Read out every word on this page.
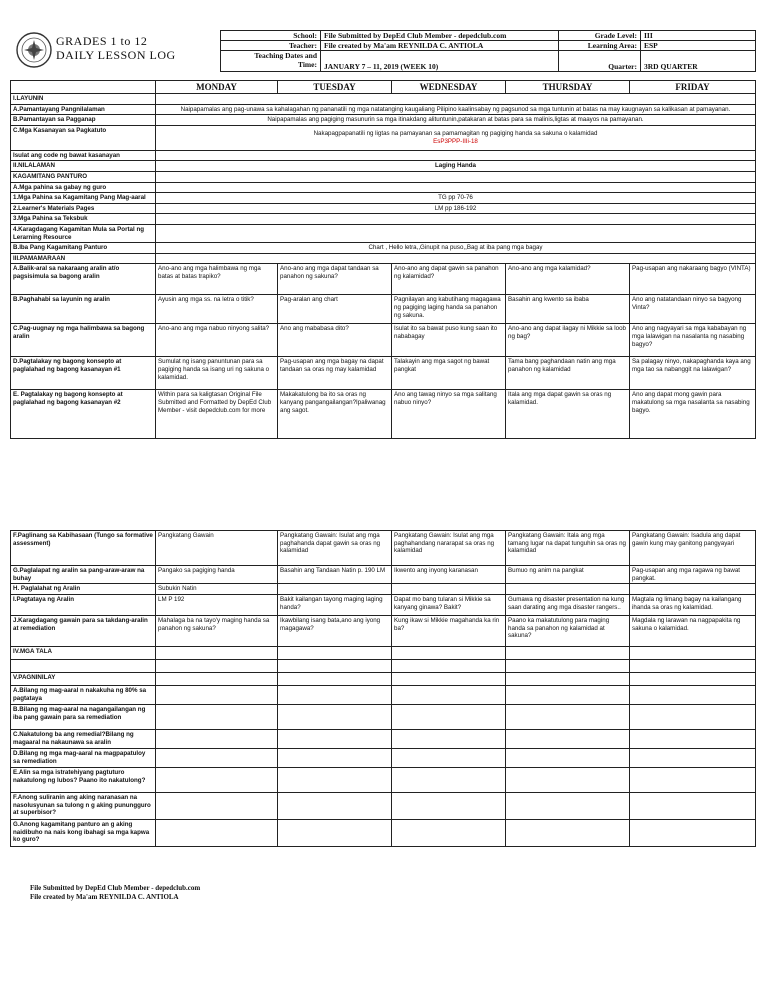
GRADES 1 to 12
DAILY LESSON LOG
School:	File Submitted by DepEd Club Member - depedclub.com	Grade Level:	III
Teacher:	File created by Ma'am REYNILDA C. ANTIOLA	Learning Area:	ESP

Teaching Dates and
Time:	JANUARY 7 – 11, 2019 (WEEK 10)	Quarter:	3RD QUARTER
	MONDAY	TUESDAY	WEDNESDAY	THURSDAY	FRIDAY
I.LAYUNIN					
A.Pamantayang Pangnilalaman	Naipapamalas ang pag-unawa sa kahalagahan ng pananatili ng mga natatanging kaugaliang Pilipino kaalinsabay ng pagsunod sa mga tuntunin at batas na may kaugnayan sa kalikasan at pamayanan.				
B.Pamantayan sa Pagganap	Naipapamalas ang pagiging masunurin sa mga itinakdang alituntunin,patakaran at batas para sa malinis,ligtas at maayos na pamayanan.				
C.Mga Kasanayan sa Pagkatuto	Nakapagpapanatili ng ligtas na pamayanan sa pamamagitan ng pagiging handa sa sakuna o kalamidad
EsP3PPP-IIIi-18				

Isulat ang code ng bawat kasanayan					
II.NILALAMAN	Laging Handa				
KAGAMITANG PANTURO					
A.Mga pahina sa gabay ng guro					
1.Mga Pahina sa Kagamitang Pang Mag-aaral	TG pp 70-76				
2.Learner's Materials Pages	LM pp 186-192				
3.Mga Pahina sa Teksbuk					
4.Karagdagang Kagamitan Mula sa Portal ng Lerarning Resource					
B.Iba Pang Kagamitang Panturo	Chart , Hello letra,,Ginupit na puso,,Bag at iba pang mga bagay				
III.PAMAMARAAN					
A.Balik-aral sa nakaraang aralin at/o pagsisimula sa bagong aralin	Ano-ano ang mga halimbawa ng mga batas at batas trapiko?	Ano-ano ang mga dapat tandaan sa panahon ng sakuna?	Ano-ano ang dapat gawin sa panahon ng kalamidad?	Ano-ano ang mga kalamidad?	Pag-usapan ang nakaraang bagyo (VINTA)
B.Paghahabi sa layunin ng aralin	Ayusin ang mga ss. na letra o titik?	Pag-aralan ang chart	Pagnilayan ang kabutihang magagawa ng pagiging laging handa sa panahon ng sakuna.	Basahin ang kwento sa ibaba	Ano ang natatandaan ninyo sa bagyong Vinta?
C.Pag-uugnay ng mga halimbawa sa bagong aralin	Ano-ano ang mga nabuo ninyong salita?	Ano ang mababasa dito?	Isulat ito sa bawat puso kung saan ito nababagay	Ano-ano ang dapat ilagay ni Mikkie sa loob ng bag?	Ano ang nagyayari sa mga kababayan ng mga lalawigan na nasalanta ng nasabing bagyo?
D.Pagtalakay ng bagong konsepto at paglalahad ng bagong kasanayan #1	Sumulat ng isang panuntunan para sa pagiging handa sa isang uri ng sakuna o kalamidad.	Pag-usapan ang mga bagay na dapat tandaan sa oras ng may kalamidad	Talakayin ang mga sagot ng bawat pangkat	Tama bang paghandaan natin ang mga panahon ng kalamidad	Sa palagay ninyo, nakapaghanda kaya ang mga tao sa nabanggit na lalawigan?
E. Pagtalakay ng bagong konsepto at paglalahad ng bagong kasanayan #2	Within para sa kaligtasan Original File Submitted and Formatted by DepEd Club Member - visit depedclub.com for more	Makakatulong ba ito sa oras ng kanyang pangangailangan?Ipaliwanag ang sagot.	Ano ang tawag ninyo sa mga salitang nabuo ninyo?	Itala ang mga dapat gawin sa oras ng kalamidad.	Ano ang dapat mong gawin para makatulong sa mga nasalanta sa nasabing bagyo.
F.Paglinang sa Kabihasaan (Tungo sa formative assessment)	Pangkatang Gawain	Pangkatang Gawain: Isulat ang mga paghahanda dapat gawin sa oras ng kalamidad	Pangkatang Gawain: Isulat ang mga paghahandang nararapat sa oras ng kalamidad	Pangkatang Gawain: Itala ang mga tamang lugar na dapat tunguhin sa oras ng kalamidad	Pangkatang Gawain: Isadula ang dapat gawin kung may ganitong pangyayari
G.Paglalapat ng aralin sa pang-araw-araw na buhay	Pangako sa pagiging handa	Basahin ang Tandaan Natin p. 190 LM	Ikwento ang inyong karanasan	Bumuo ng anim na pangkat	Pag-usapan ang mga ragawa ng bawat pangkat.
H. Paglalahat ng Aralin	Subukin Natin				
I.Pagtataya ng Aralin	LM P 192	Bakit kailangan tayong maging laging handa?	Dapat mo bang tularan si Mikkie sa kanyang ginawa? Bakit?	Gumawa ng disaster presentation na kung saan darating ang mga disaster rangers..	Magtala ng limang bagay na kailangang ihanda sa oras ng kalamidad.
J.Karagdagang gawain para sa takdang-aralin at remediation	Mahalaga ba na tayo'y maging handa sa panahon ng sakuna?	Ikawbilang isang bata,ano ang iyong magagawa?	Kung ikaw si Mikkie magahanda ka rin ba?	Paano ka makatutulong para maging handa sa panahon ng kalamidad at sakuna?	Magdala ng larawan na nagpapakita ng sakuna o kalamidad.
IV.MGA TALA					

V.PAGNINILAY					
A.Bilang ng mag-aaral n nakakuha ng 80% sa pagtataya					
B.Bilang ng mag-aaral na nagangailangan ng iba pang gawain para sa remediation					
C.Nakatulong ba ang remedial?Bilang ng magaaral na nakaunawa sa aralin					
D.Bilang ng mga mag-aaral na magpapatuloy sa remediation					
E.Alin sa mga istratehiyang pagtuturo nakatulong ng lubos? Paano ito nakatulong?					
F.Anong suliranin ang aking naranasan na nasolusyunan sa tulong n g aking punungguro at superbisor?					
G.Anong kagamitang panturo an g aking naidibuho na nais kong ibahagi sa mga kapwa ko guro?					
File Submitted by DepEd Club Member - depedclub.com
File created by Ma'am REYNILDA C. ANTIOLA
